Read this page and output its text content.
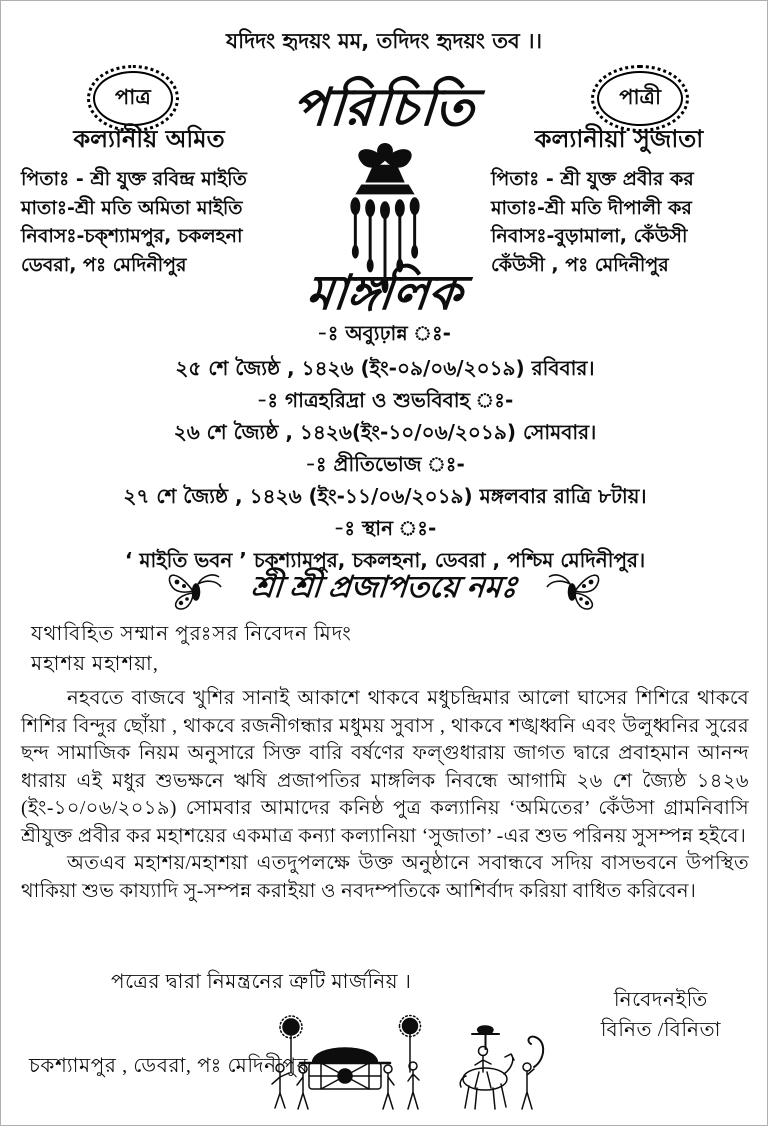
যদিদং হৃদয়ং মম, তদিদং হৃদয়ং তব ।।
পাত্র	পরিচিতি	পাত্রী
কল্যানীয় অমিত
পিতাঃ - শ্রী যুক্ত রবিন্দ্র মাইতি
মাতাঃ-শ্রী মতি অমিতা মাইতি
নিবাসঃ-চক্‌শ্যামপুর, চকলহনা
ডেবরা, পঃ মেদিনীপুর
কল্যানীয়া সুজাতা
পিতাঃ - শ্রী যুক্ত প্রবীর কর
মাতাঃ-শ্রী মতি দীপালী কর
নিবাসঃ-বুড়ামালা, কেঁউসী
কেঁউসী , পঃ মেদিনীপুর
মাঙ্গলিক
-ঃ অব্যুঢ়ান্ন ঃ-
২৫ শে জ্যৈষ্ঠ , ১৪২৬ (ইং-০৯/০৬/২০১৯) রবিবার।
-ঃ গাত্রহরিদ্রা ও শুভবিবাহ ঃ-
২৬ শে জ্যৈষ্ঠ , ১৪২৬(ইং-১০/০৬/২০১৯) সোমবার।
-ঃ প্রীতিভোজ ঃ-
২৭ শে জ্যৈষ্ঠ , ১৪২৬ (ইং-১১/০৬/২০১৯) মঙ্গলবার রাত্রি ৮টায়।
-ঃ স্থান ঃ-
‘ মাইতি ভবন ’ চক্‌শ্যামপুর, চকলহনা, ডেবরা , পশ্চিম মেদিনীপুর।
শ্রী শ্রী প্রজাপতয়ে নমঃ
যথাবিহিত সম্মান পুরঃসর নিবেদন মিদং
মহাশয় মহাশয়া,

নহবতে বাজবে খুশির সানাই আকাশে থাকবে মধুচন্দ্রিমার আলো ঘাসের শিশিরে থাকবে শিশির বিন্দুর ছোঁয়া , থাকবে রজনীগন্ধার মধুময় সুবাস , থাকবে শঙ্খধ্বনি এবং উলুধ্বনির সুরের ছন্দ সামাজিক নিয়ম অনুসারে সিক্ত বারি বর্ষণের ফল্গুধারায় জাগত দ্বারে প্রবাহমান আনন্দ ধারায় এই মধুর শুভক্ষনে ঋষি প্রজাপতির মাঙ্গলিক নিবন্ধে আগামি ২৬ শে জ্যৈষ্ঠ ১৪২৬ (ইং-১০/০৬/২০১৯) সোমবার আমাদের কনিষ্ঠ পুত্র কল্যানিয় ‘অমিতের’ কেঁউসা গ্রামনিবাসি শ্রীযুক্ত প্রবীর কর মহাশয়ের একমাত্র কন্যা কল্যানিয়া ‘সুজাতা’ -এর শুভ পরিনয় সুসম্পন্ন হইবে।

অতএব মহাশয়/মহাশয়া এতদুপলক্ষে উক্ত অনুষ্ঠানে সবান্ধবে সদিয় বাসভবনে উপস্থিত থাকিয়া শুভ কায্যাদি সু-সম্পন্ন করাইয়া ও নবদম্পতিকে আশির্বাদ করিয়া বাধিত করিবেন।

পত্রের দ্বারা নিমন্ত্রনের ত্রুটি মার্জনিয় ।
নিবেদনইতি
বিনিত /বিনিতা
চকশ্যামপুর , ডেবরা, পঃ মেদিনীপুর
